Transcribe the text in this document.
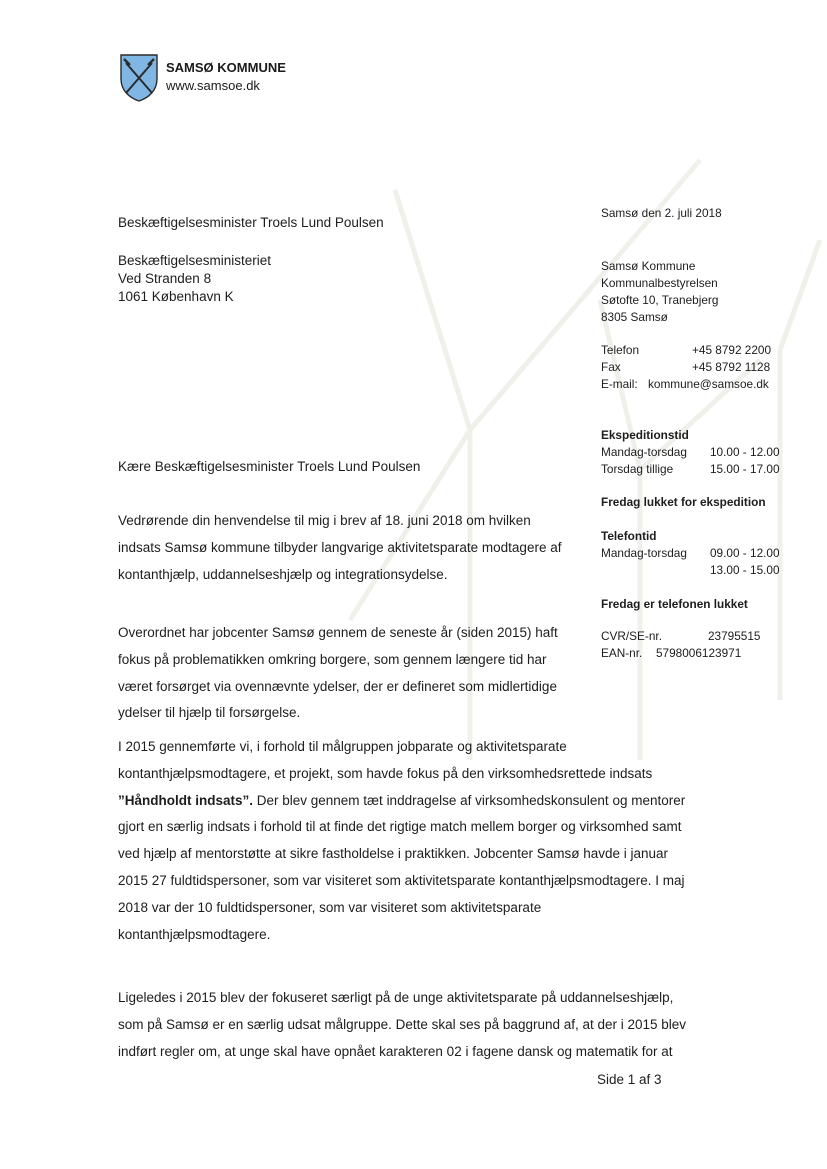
SAMSØ KOMMUNE
www.samsoe.dk
Beskæftigelsesminister Troels Lund Poulsen
Beskæftigelsesministeriet
Ved Stranden 8
1061 København K
Samsø den 2. juli 2018
Samsø Kommune
Kommunalbestyrelsen
Søtofte 10, Tranebjerg
8305 Samsø
Telefon	+45 8792 2200
Fax	+45 8792 1128
E-mail: kommune@samsoe.dk
Ekspeditionstid
Mandag-torsdag	10.00 - 12.00
Torsdag tillige	15.00 - 17.00
Fredag lukket for ekspedition
Telefontid
Mandag-torsdag	09.00 - 12.00
13.00 - 15.00
Fredag er telefonen lukket
CVR/SE-nr.	23795515
EAN-nr.	5798006123971
Kære Beskæftigelsesminister Troels Lund Poulsen

Vedrørende din henvendelse til mig i brev af 18. juni 2018 om hvilken

indsats Samsø kommune tilbyder langvarige aktivitetsparate modtagere af

kontanthjælp, uddannelseshjælp og integrationsydelse.

Overordnet har jobcenter Samsø gennem de seneste år (siden 2015) haft

fokus på problematikken omkring borgere, som gennem længere tid har

været forsørget via ovennævnte ydelser, der er defineret som midlertidige

ydelser til hjælp til forsørgelse.

I 2015 gennemførte vi, i forhold til målgruppen jobparate og aktivitetsparate

kontanthjælpsmodtagere, et projekt, som havde fokus på den virksomhedsrettede indsats

”Håndholdt indsats”. Der blev gennem tæt inddragelse af virksomhedskonsulent og mentorer

gjort en særlig indsats i forhold til at finde det rigtige match mellem borger og virksomhed samt

ved hjælp af mentorstøtte at sikre fastholdelse i praktikken. Jobcenter Samsø havde i januar

2015 27 fuldtidspersoner, som var visiteret som aktivitetsparate kontanthjælpsmodtagere. I maj

2018 var der 10 fuldtidspersoner, som var visiteret som aktivitetsparate

kontanthjælpsmodtagere.

Ligeledes i 2015 blev der fokuseret særligt på de unge aktivitetsparate på uddannelseshjælp,

som på Samsø er en særlig udsat målgruppe. Dette skal ses på baggrund af, at der i 2015 blev

indført regler om, at unge skal have opnået karakteren 02 i fagene dansk og matematik for at

Side 1 af 3
